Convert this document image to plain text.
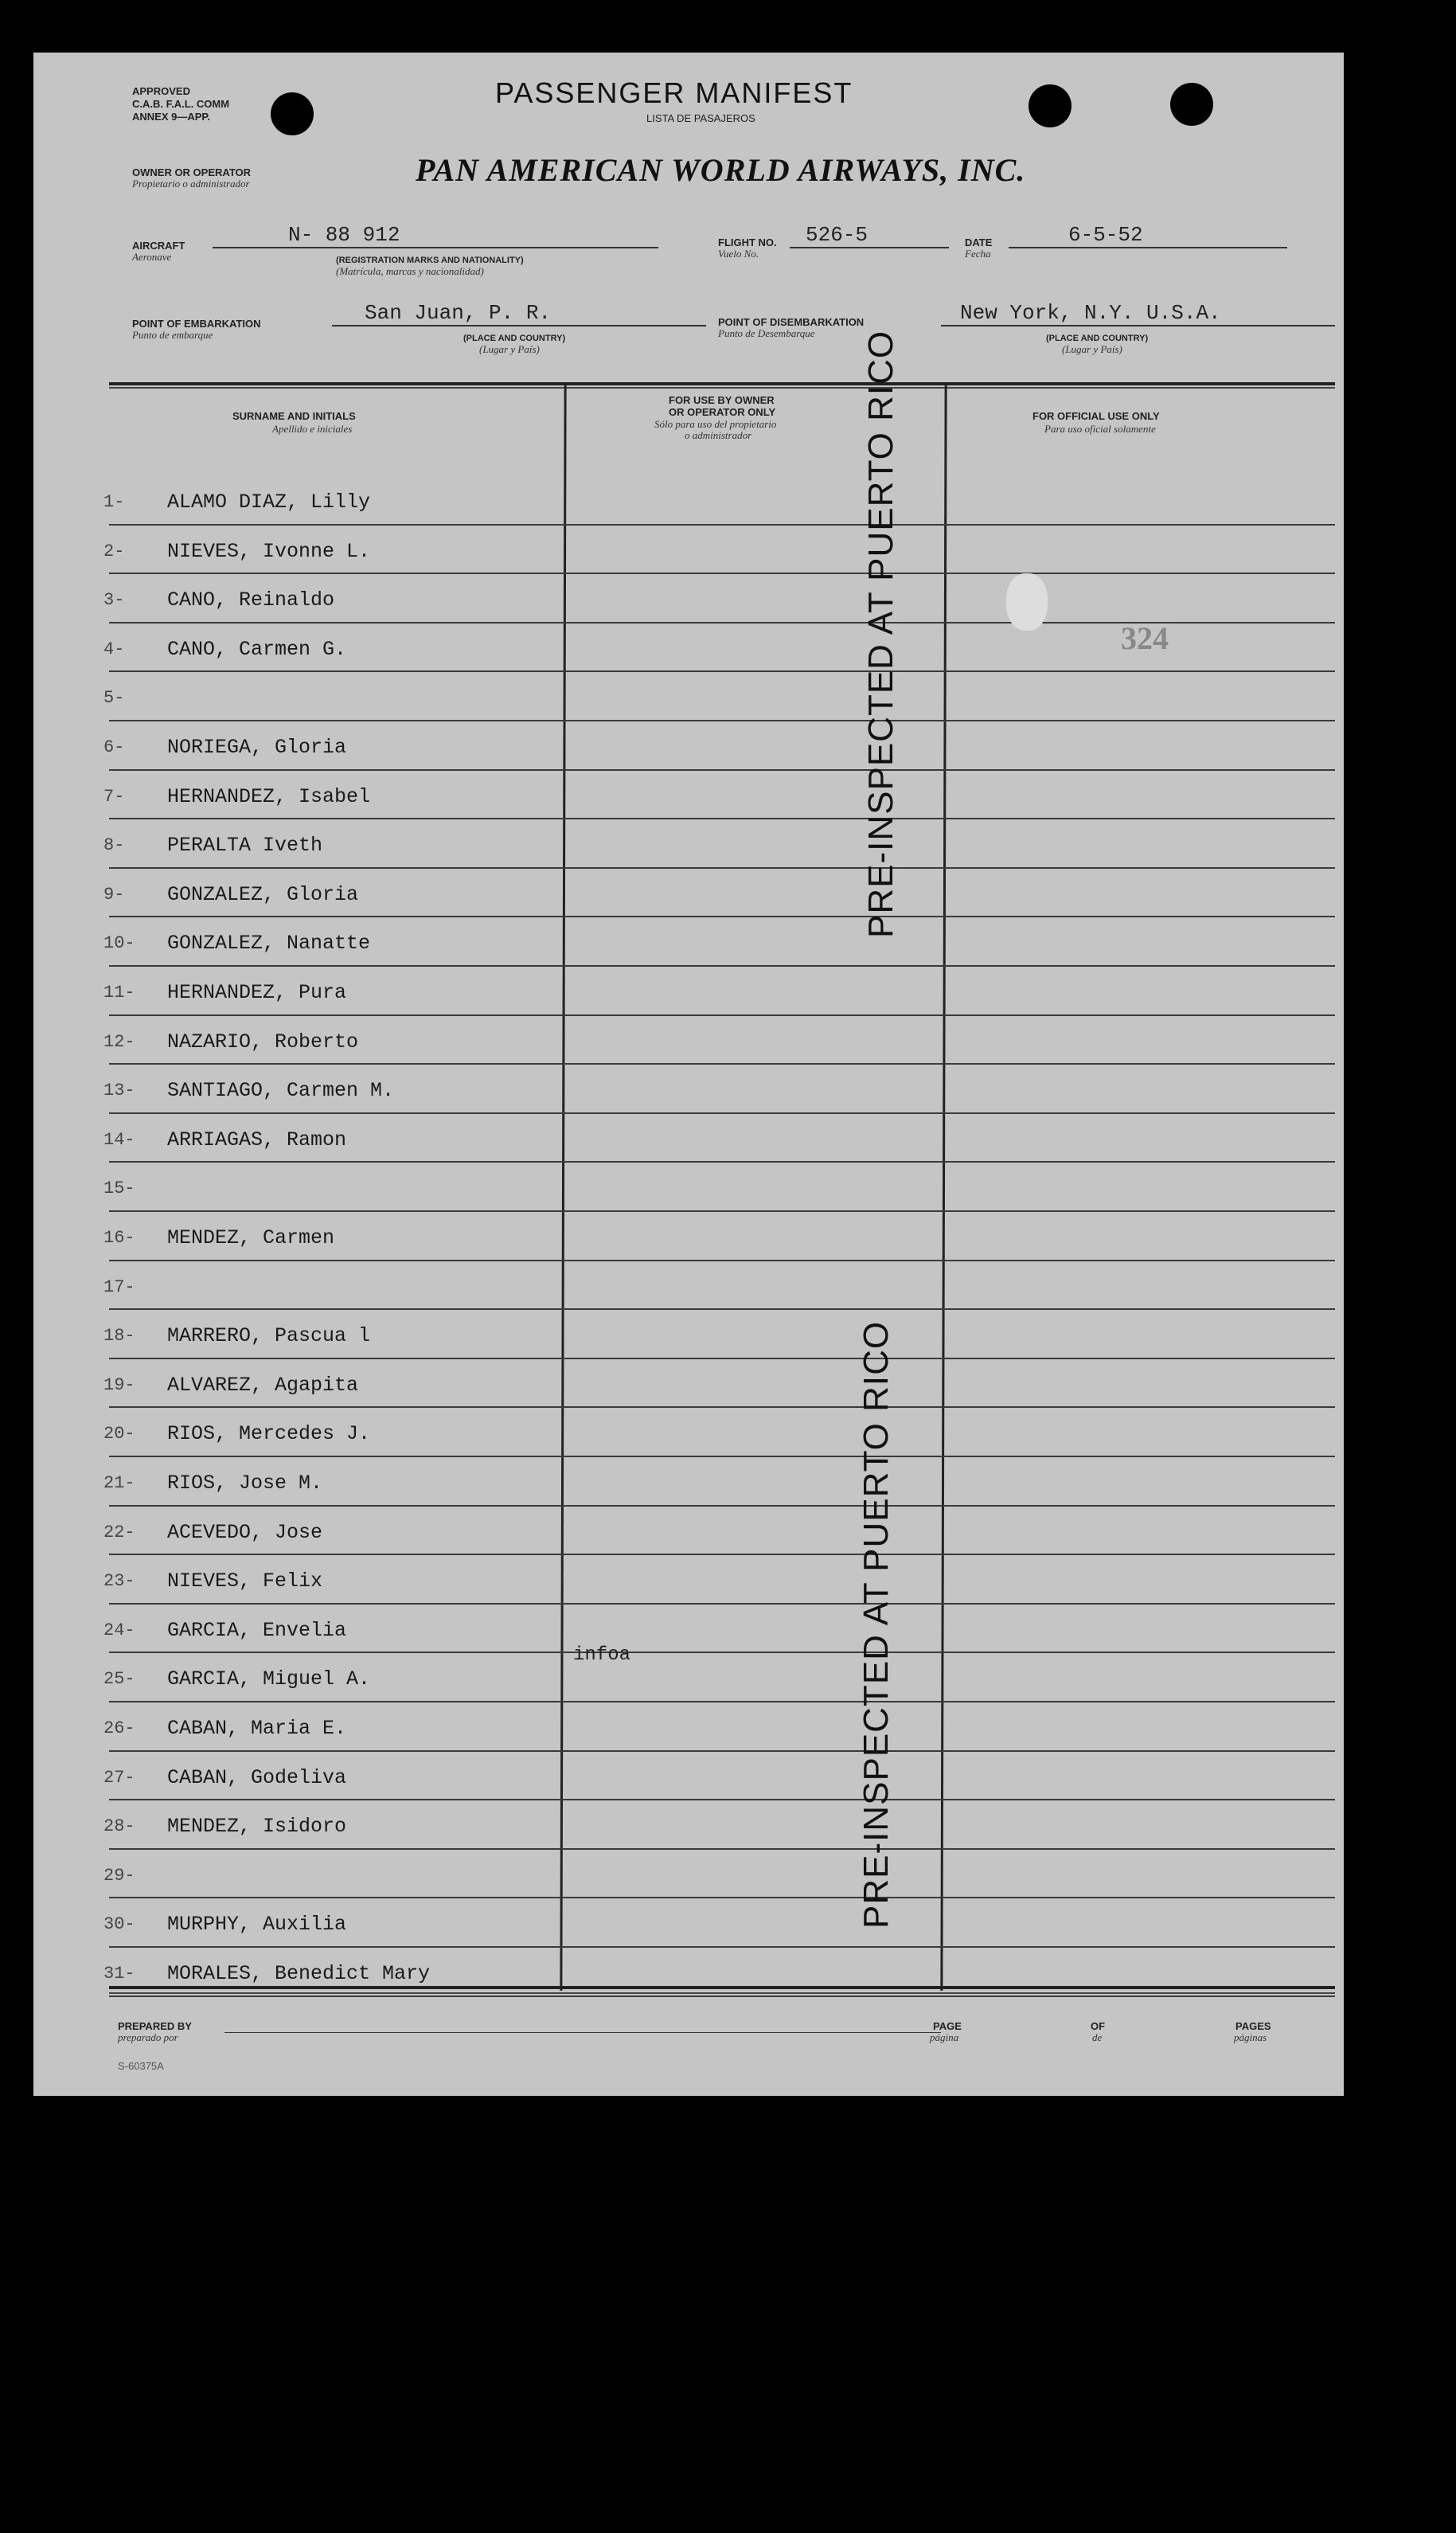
APPROVED
C.A.B. F.A.L. COMM
ANNEX 9—APP.
PASSENGER MANIFEST
LISTA DE PASAJEROS
OWNER OR OPERATOR
Propietario o administrador	PAN AMERICAN WORLD AIRWAYS, INC.
AIRCRAFT
Aeronave
N- 88 912
(REGISTRATION MARKS AND NATIONALITY)
(Matrícula, marcas y nacionalidad)
FLIGHT NO.
Vuelo No.
526-5	DATE
Fecha
6-5-52
POINT OF EMBARKATION
Punto de embarque
San Juan, P. R.
(PLACE AND COUNTRY)
(Lugar y País)
POINT OF DISEMBARKATION
Punto de Desembarque
New York, N.Y. U.S.A.
(PLACE AND COUNTRY)
(Lugar y País)
SURNAME AND INITIALS
Apellido e iniciales
FOR USE BY OWNER
OR OPERATOR ONLY
Sólo para uso del propietario
o administrador
FOR OFFICIAL USE ONLY
Para uso oficial solamente
1- ALAMO DIAZ, Lilly
2- NIEVES, Ivonne L.
3- CANO, Reinaldo
4- CANO, Carmen G.
5-
6- NORIEGA, Gloria
7- HERNANDEZ, Isabel
8- PERALTA Iveth
9- GONZALEZ, Gloria
10- GONZALEZ, Nanatte
11- HERNANDEZ, Pura
12- NAZARIO, Roberto
13- SANTIAGO, Carmen M.
14- ARRIAGAS, Ramon
15-
16- MENDEZ, Carmen
17-
18- MARRERO, Pascua l
19- ALVAREZ, Agapita
20- RIOS, Mercedes J.
21- RIOS, Jose M.
22- ACEVEDO, Jose
23- NIEVES, Felix
24- GARCIA, Envelia
25- GARCIA, Miguel A.
26- CABAN, Maria E.
27- CABAN, Godeliva
28- MENDEZ, Isidoro
29-
30- MURPHY, Auxilia
31- MORALES, Benedict Mary
infoa
324
PRE-INSPECTED AT PUERTO RICO
PRE-INSPECTED AT PUERTO RICO
PREPARED BY
preparado por
PAGE
página
OF
de
PAGES
páginas
S-60375A
